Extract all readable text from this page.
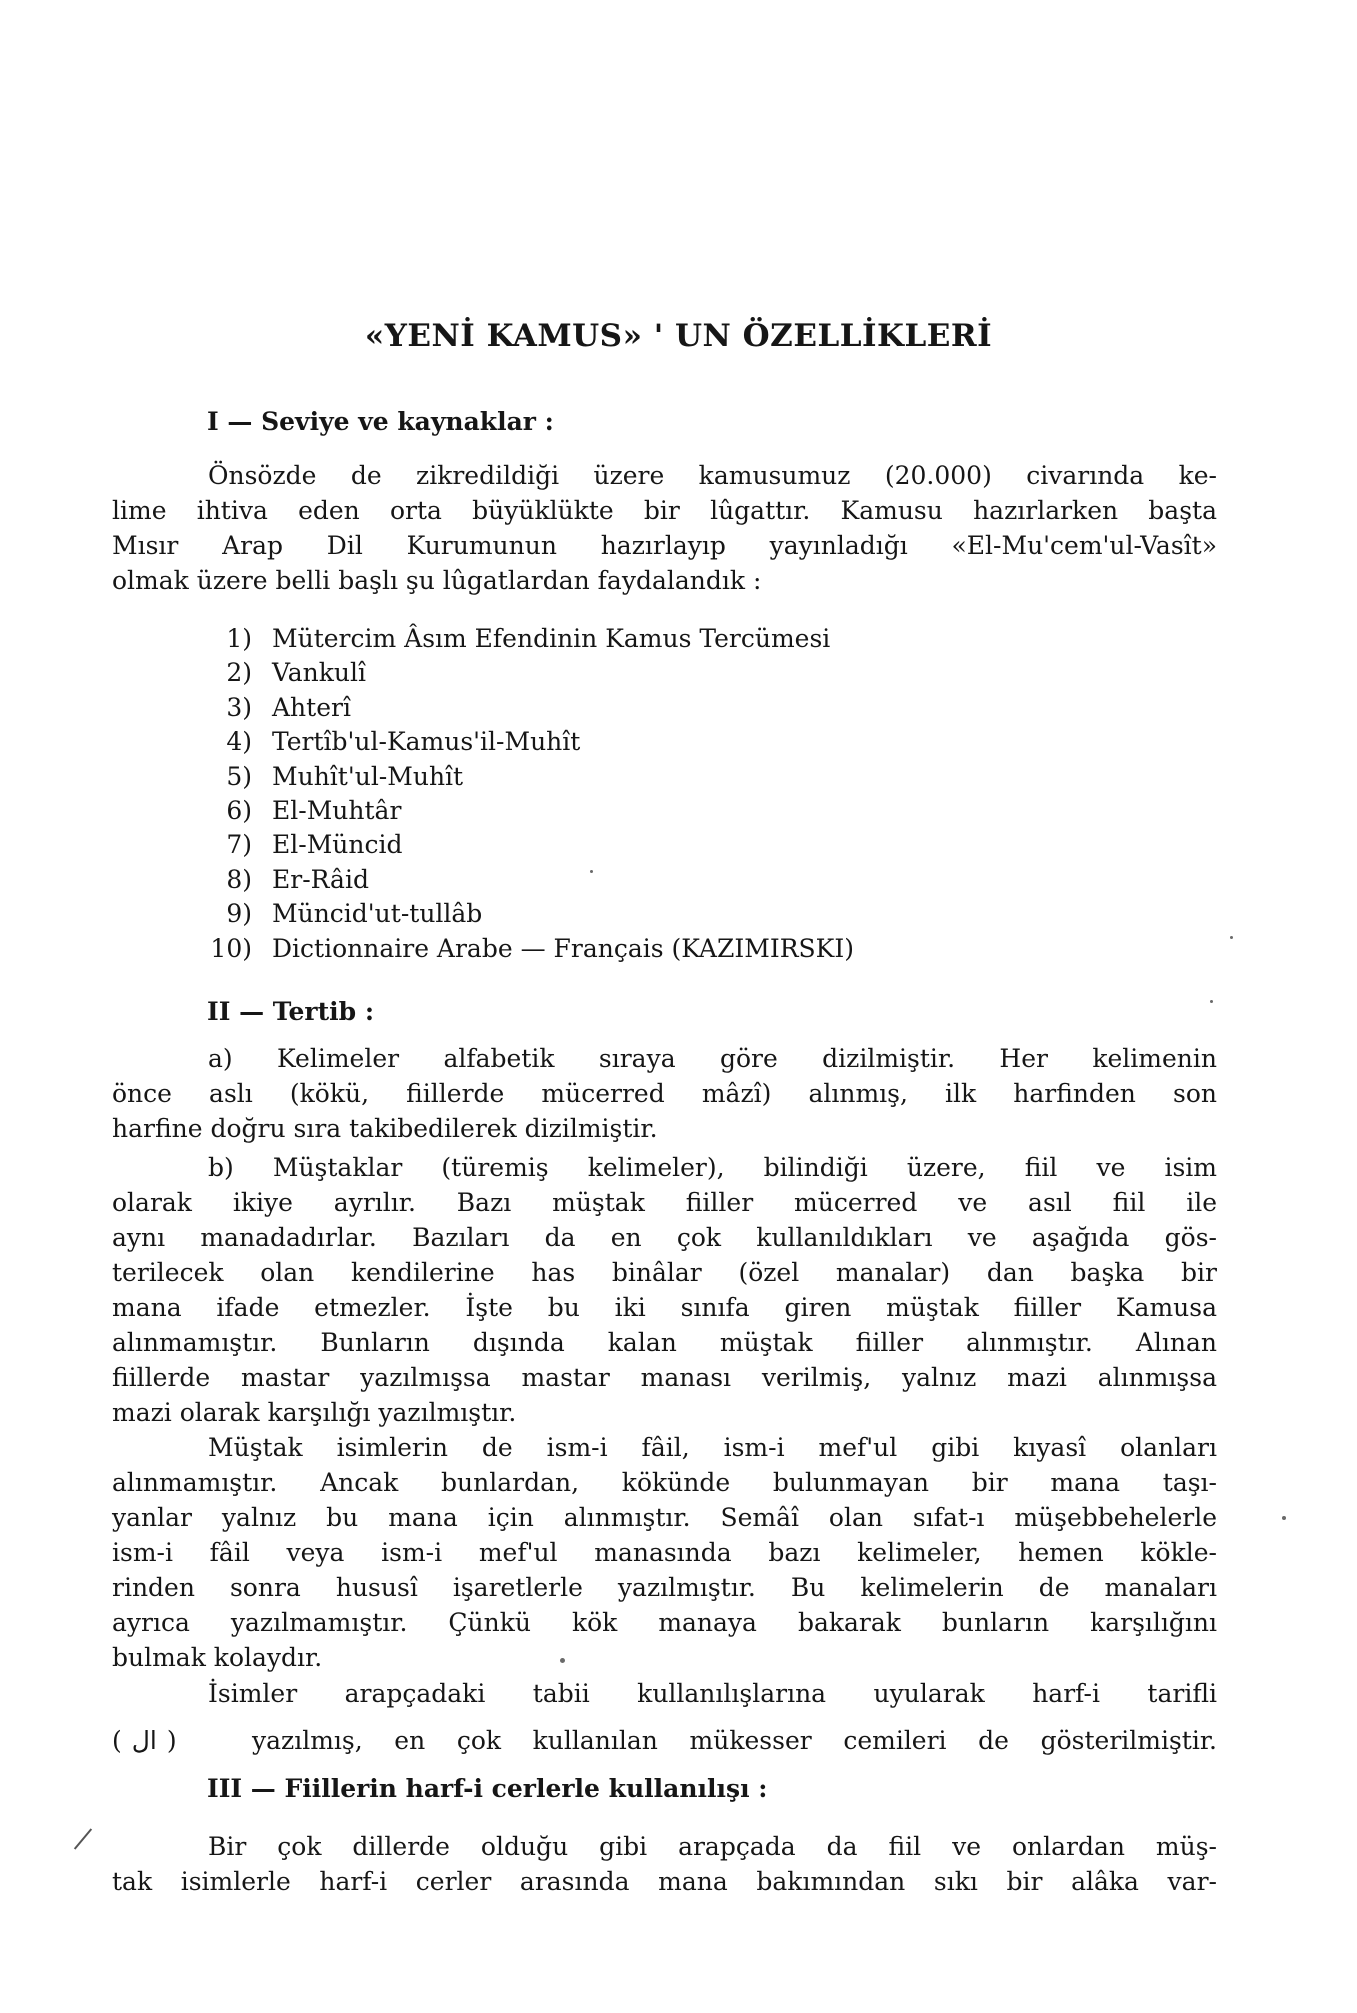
«YENİ KAMUS» ' UN ÖZELLİKLERİ
I — Seviye ve kaynaklar :
Önsözde de zikredildiği üzere kamusumuz (20.000) civarında ke-
lime ihtiva eden orta büyüklükte bir lûgattır. Kamusu hazırlarken başta
Mısır Arap Dil Kurumunun hazırlayıp yayınladığı «El-Mu'cem'ul-Vasît»
olmak üzere belli başlı şu lûgatlardan faydalandık :
1) Mütercim Âsım Efendinin Kamus Tercümesi
2) Vankulî
3) Ahterî
4) Tertîb'ul-Kamus'il-Muhît
5) Muhît'ul-Muhît
6) El-Muhtâr
7) El-Müncid
8) Er-Râid
9) Müncid'ut-tullâb
10) Dictionnaire Arabe — Français (KAZIMIRSKI)
II — Tertib :
a) Kelimeler alfabetik sıraya göre dizilmiştir. Her kelimenin
önce aslı (kökü, fiillerde mücerred mâzî) alınmış, ilk harfinden son
harfine doğru sıra takibedilerek dizilmiştir.
b) Müştaklar (türemiş kelimeler), bilindiği üzere, fiil ve isim
olarak ikiye ayrılır. Bazı müştak fiiller mücerred ve asıl fiil ile
aynı manadadırlar. Bazıları da en çok kullanıldıkları ve aşağıda gös-
terilecek olan kendilerine has binâlar (özel manalar) dan başka bir
mana ifade etmezler. İşte bu iki sınıfa giren müştak fiiller Kamusa
alınmamıştır. Bunların dışında kalan müştak fiiller alınmıştır. Alınan
fiillerde mastar yazılmışsa mastar manası verilmiş, yalnız mazi alınmışsa
mazi olarak karşılığı yazılmıştır.
Müştak isimlerin de ism-i fâil, ism-i mef'ul gibi kıyasî olanları
alınmamıştır. Ancak bunlardan, kökünde bulunmayan bir mana taşı-
yanlar yalnız bu mana için alınmıştır. Semâî olan sıfat-ı müşebbehelerle
ism-i fâil veya ism-i mef'ul manasında bazı kelimeler, hemen kökle-
rinden sonra hususî işaretlerle yazılmıştır. Bu kelimelerin de manaları
ayrıca yazılmamıştır. Çünkü kök manaya bakarak bunların karşılığını
bulmak kolaydır.
İsimler arapçadaki tabii kullanılışlarına uyularak harf-i tarifli
( ال )	yazılmış, en çok kullanılan mükesser cemileri de gösterilmiştir.
III — Fiillerin harf-i cerlerle kullanılışı :
Bir çok dillerde olduğu gibi arapçada da fiil ve onlardan müş-
tak isimlerle harf-i cerler arasında mana bakımından sıkı bir alâka var-
